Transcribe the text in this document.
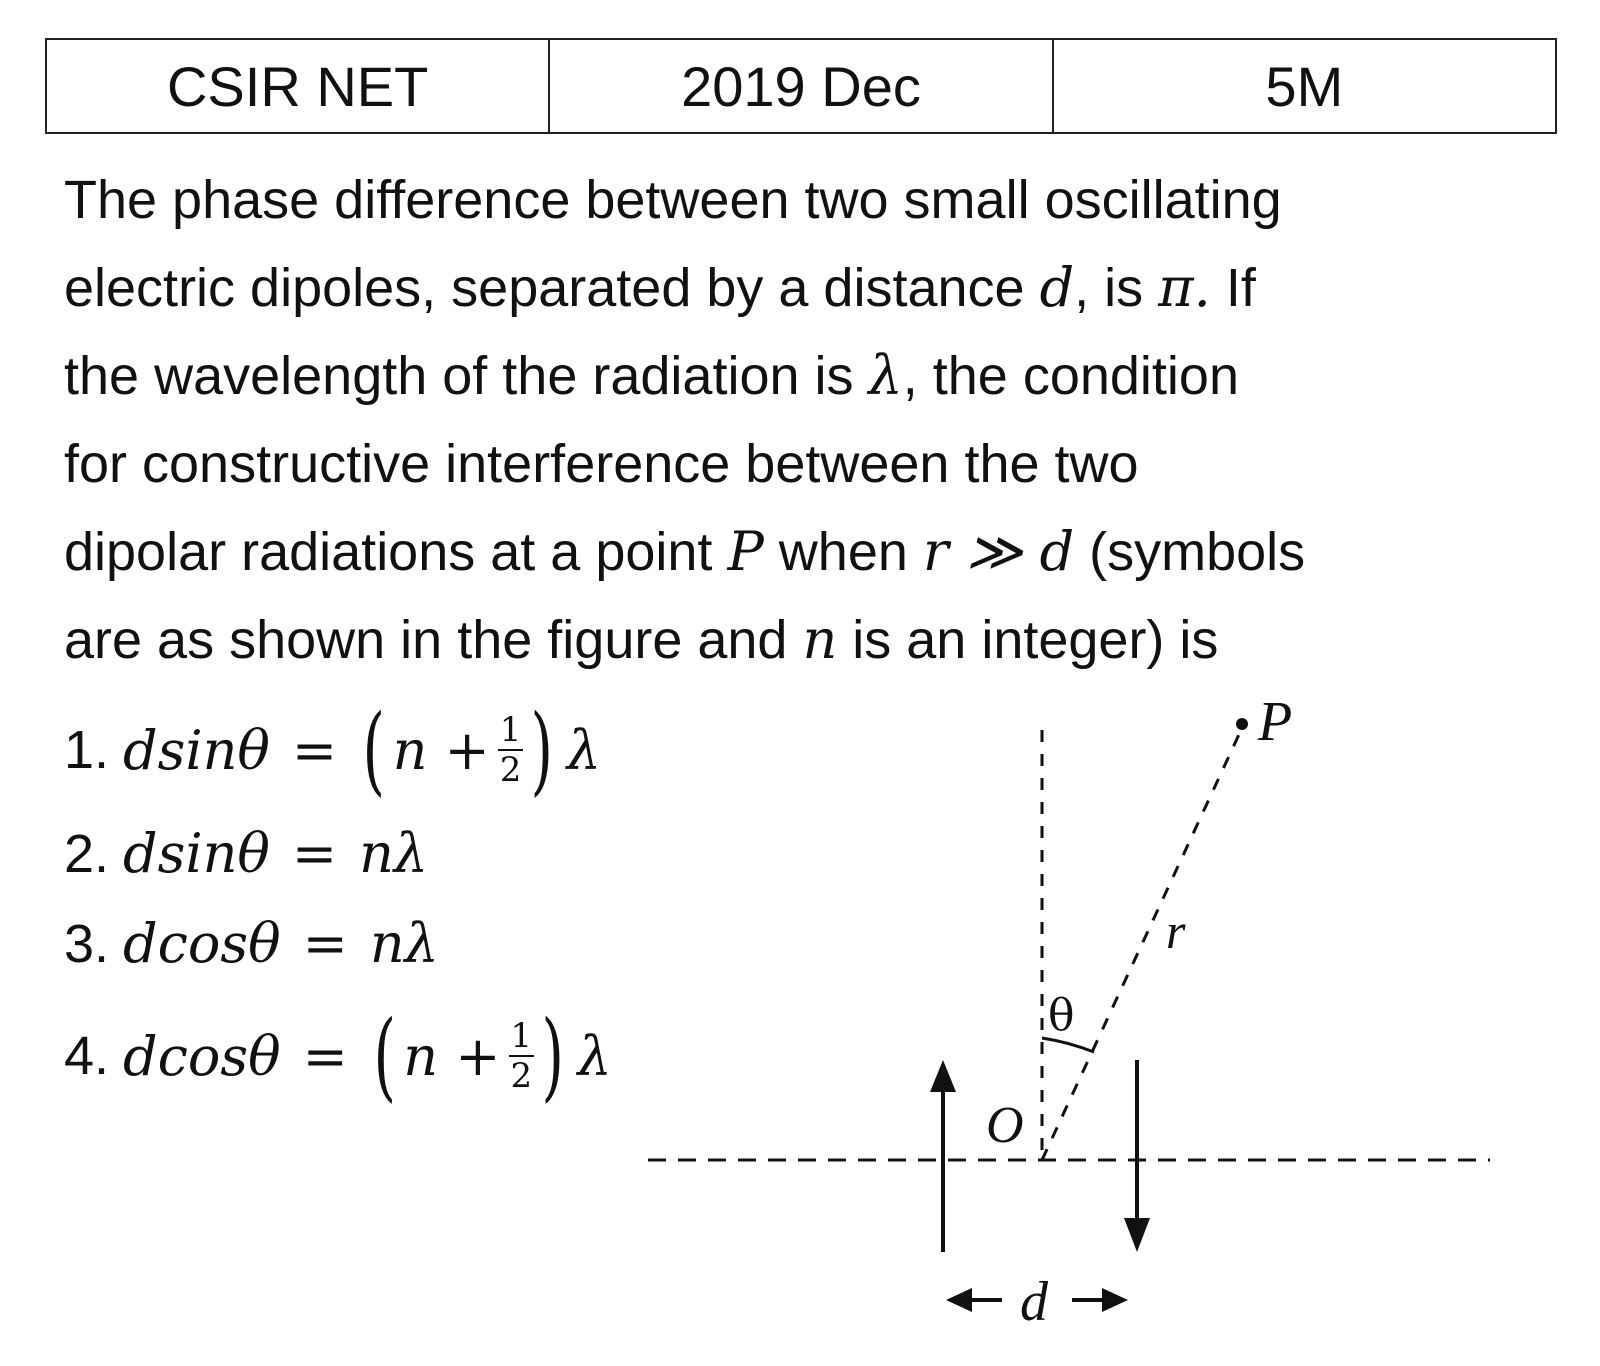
CSIR NET	2019 Dec	5M
The phase difference between two small oscillating
electric dipoles, separated by a distance d, is π. If
the wavelength of the radiation is λ, the condition
for constructive interference between the two
dipolar radiations at a point P when r ≫ d (symbols
are as shown in the figure and n is an integer) is
1. dsinθ = ( $n + \frac{1}{2}$ ) λ
2. dsinθ = nλ
3. dcosθ = nλ
4. dcosθ = ( $n + \frac{1}{2}$ ) λ
P
r
θ
O
d
